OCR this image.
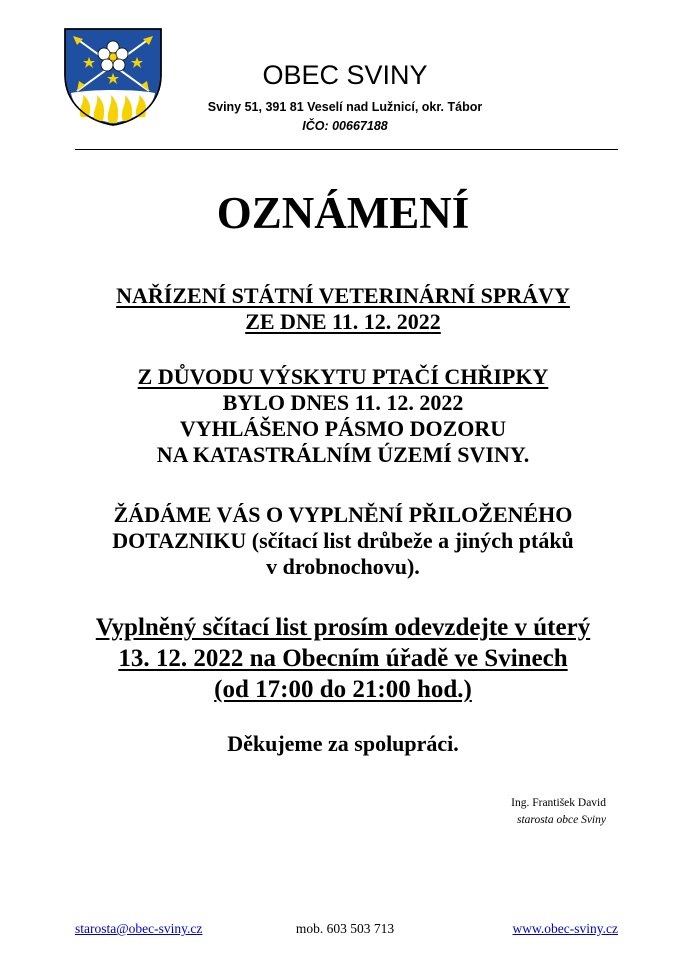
OBEC SVINY
Sviny 51, 391 81 Veselí nad Lužnicí, okr. Tábor
IČO: 00667188
OZNÁMENÍ
NAŘÍZENÍ STÁTNÍ VETERINÁRNÍ SPRÁVY
ZE DNE 11. 12. 2022
Z DŮVODU VÝSKYTU PTAČÍ CHŘIPKY
BYLO DNES 11. 12. 2022
VYHLÁŠENO PÁSMO DOZORU
NA KATASTRÁLNÍM ÚZEMÍ SVINY.
ŽÁDÁME VÁS O VYPLNĚNÍ PŘILOŽENÉHO
DOTAZNIKU (sčítací list drůbeže a jiných ptáků
v drobnochovu).
Vyplněný sčítací list prosím odevzdejte v úterý
13. 12. 2022 na Obecním úřadě ve Svinech
(od 17:00 do 21:00 hod.)
Děkujeme za spolupráci.
Ing. František David
starosta obce Sviny
starosta@obec-sviny.cz	mob. 603 503 713	www.obec-sviny.cz
